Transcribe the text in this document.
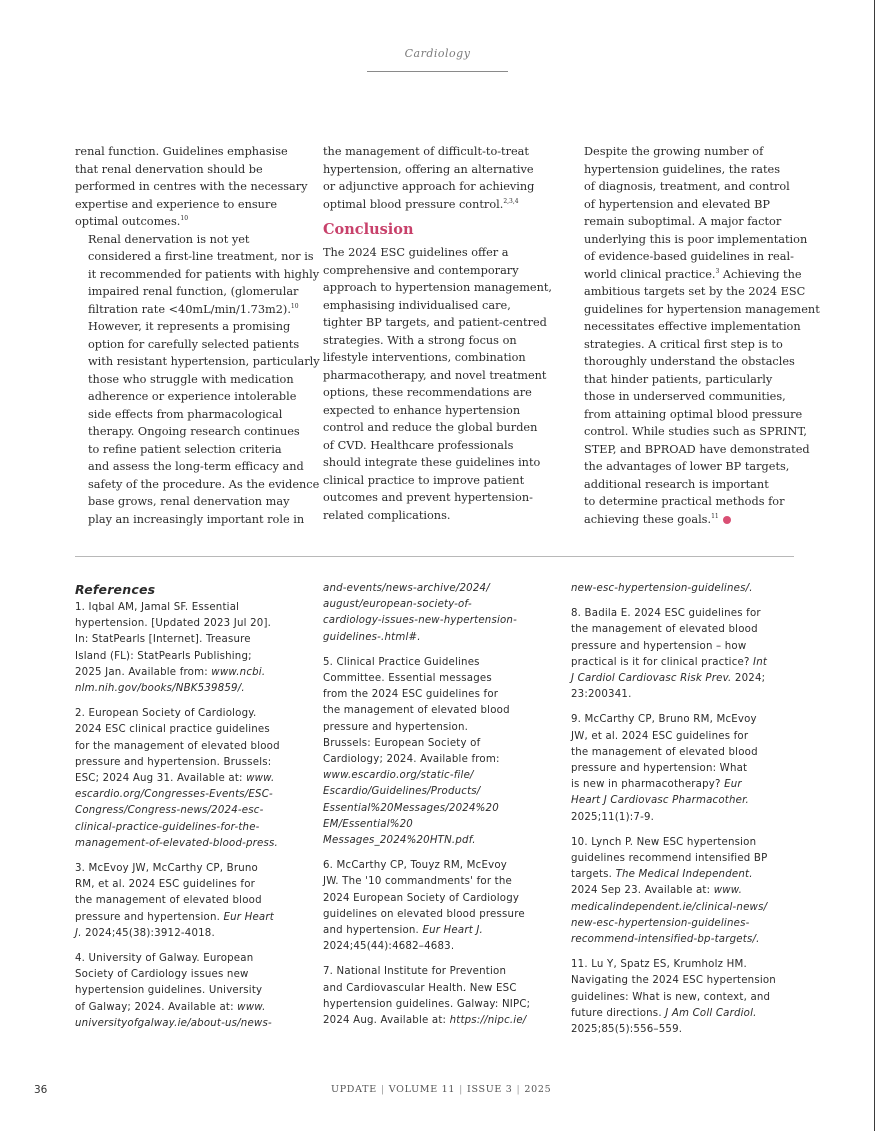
Cardiology

renal function. Guidelines emphasise
that renal denervation should be
performed in centres with the necessary
expertise and experience to ensure
optimal outcomes.$^{10}$

Renal denervation is not yet
considered a first-line treatment, nor is
it recommended for patients with highly
impaired renal function, (glomerular
filtration rate <40mL/min/1.73m2).$^{10}$
However, it represents a promising
option for carefully selected patients
with resistant hypertension, particularly
those who struggle with medication
adherence or experience intolerable
side effects from pharmacological
therapy. Ongoing research continues
to refine patient selection criteria
and assess the long-term efficacy and
safety of the procedure. As the evidence
base grows, renal denervation may
play an increasingly important role in

the management of difficult-to-treat
hypertension, offering an alternative
or adjunctive approach for achieving
optimal blood pressure control.$^{2,3,4}$

Conclusion

The 2024 ESC guidelines offer a
comprehensive and contemporary
approach to hypertension management,
emphasising individualised care,
tighter BP targets, and patient-centred
strategies. With a strong focus on
lifestyle interventions, combination
pharmacotherapy, and novel treatment
options, these recommendations are
expected to enhance hypertension
control and reduce the global burden
of CVD. Healthcare professionals
should integrate these guidelines into
clinical practice to improve patient
outcomes and prevent hypertension-
related complications.

Despite the growing number of
hypertension guidelines, the rates
of diagnosis, treatment, and control
of hypertension and elevated BP
remain suboptimal. A major factor
underlying this is poor implementation
of evidence-based guidelines in real-
world clinical practice.$^3$ Achieving the
ambitious targets set by the 2024 ESC
guidelines for hypertension management
necessitates effective implementation
strategies. A critical first step is to
thoroughly understand the obstacles
that hinder patients, particularly
those in underserved communities,
from attaining optimal blood pressure
control. While studies such as SPRINT,
STEP, and BPROAD have demonstrated
the advantages of lower BP targets,
additional research is important
to determine practical methods for
achieving these goals.$^{11}$

References
1. Iqbal AM, Jamal SF. Essential
hypertension. [Updated 2023 Jul 20].
In: StatPearls [Internet]. Treasure
Island (FL): StatPearls Publishing;
2025 Jan. Available from: www.ncbi.
nlm.nih.gov/books/NBK539859/.
2. European Society of Cardiology.
2024 ESC clinical practice guidelines
for the management of elevated blood
pressure and hypertension. Brussels:
ESC; 2024 Aug 31. Available at: www.
escardio.org/Congresses-Events/ESC-
Congress/Congress-news/2024-esc-
clinical-practice-guidelines-for-the-
management-of-elevated-blood-press.
3. McEvoy JW, McCarthy CP, Bruno
RM, et al. 2024 ESC guidelines for
the management of elevated blood
pressure and hypertension. Eur Heart
J. 2024;45(38):3912-4018.
4. University of Galway. European
Society of Cardiology issues new
hypertension guidelines. University
of Galway; 2024. Available at: www.
universityofgalway.ie/about-us/news-
and-events/news-archive/2024/
august/european-society-of-
cardiology-issues-new-hypertension-
guidelines-.html#.
5. Clinical Practice Guidelines
Committee. Essential messages
from the 2024 ESC guidelines for
the management of elevated blood
pressure and hypertension.
Brussels: European Society of
Cardiology; 2024. Available from:
www.escardio.org/static-file/
Escardio/Guidelines/Products/
Essential%20Messages/2024%20
EM/Essential%20
Messages_2024%20HTN.pdf.
6. McCarthy CP, Touyz RM, McEvoy
JW. The '10 commandments' for the
2024 European Society of Cardiology
guidelines on elevated blood pressure
and hypertension. Eur Heart J.
2024;45(44):4682–4683.
7. National Institute for Prevention
and Cardiovascular Health. New ESC
hypertension guidelines. Galway: NIPC;
2024 Aug. Available at: https://nipc.ie/
new-esc-hypertension-guidelines/.
8. Badila E. 2024 ESC guidelines for
the management of elevated blood
pressure and hypertension – how
practical is it for clinical practice? Int
J Cardiol Cardiovasc Risk Prev. 2024;
23:200341.
9. McCarthy CP, Bruno RM, McEvoy
JW, et al. 2024 ESC guidelines for
the management of elevated blood
pressure and hypertension: What
is new in pharmacotherapy? Eur
Heart J Cardiovasc Pharmacother.
2025;11(1):7-9.
10. Lynch P. New ESC hypertension
guidelines recommend intensified BP
targets. The Medical Independent.
2024 Sep 23. Available at: www.
medicalindependent.ie/clinical-news/
new-esc-hypertension-guidelines-
recommend-intensified-bp-targets/.
11. Lu Y, Spatz ES, Krumholz HM.
Navigating the 2024 ESC hypertension
guidelines: What is new, context, and
future directions. J Am Coll Cardiol.
2025;85(5):556–559.
36	UPDATE | VOLUME 11 | ISSUE 3 | 2025
